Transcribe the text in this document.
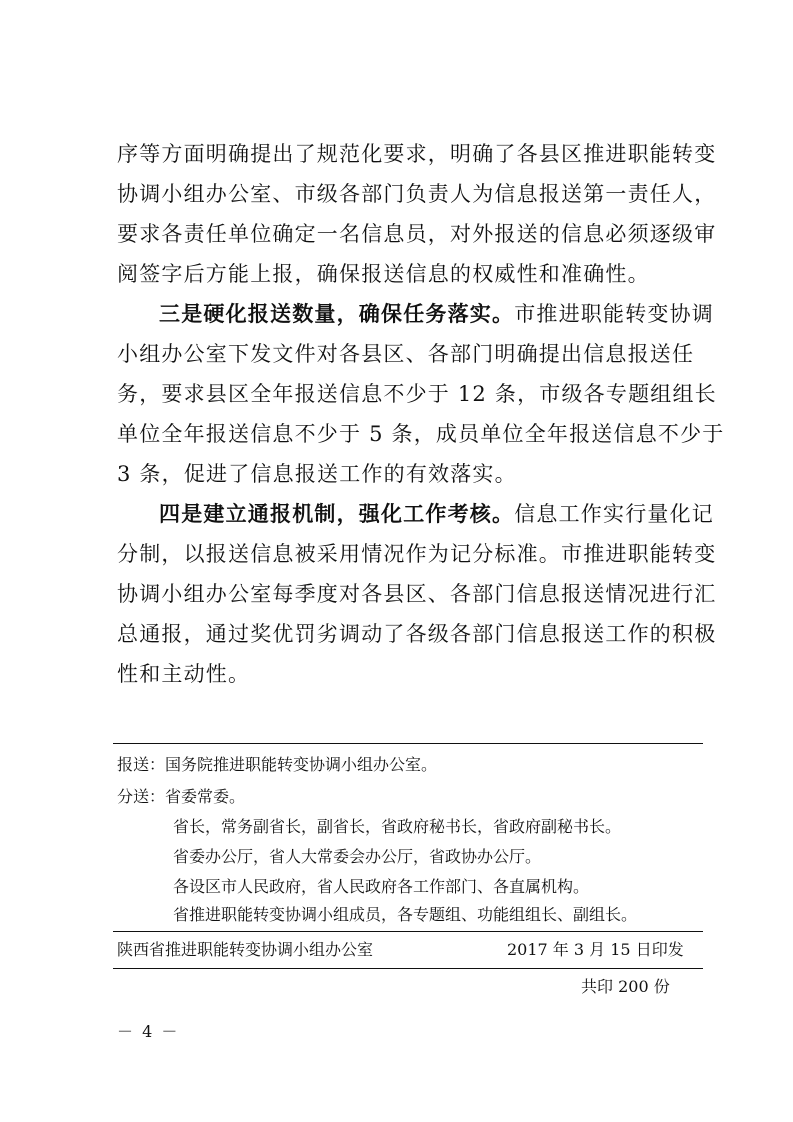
序等方面明确提出了规范化要求，明确了各县区推进职能转变
协调小组办公室、市级各部门负责人为信息报送第一责任人，
要求各责任单位确定一名信息员，对外报送的信息必须逐级审
阅签字后方能上报，确保报送信息的权威性和准确性。
三是硬化报送数量，确保任务落实。市推进职能转变协调
小组办公室下发文件对各县区、各部门明确提出信息报送任
务，要求县区全年报送信息不少于 12 条，市级各专题组组长
单位全年报送信息不少于 5 条，成员单位全年报送信息不少于
3 条，促进了信息报送工作的有效落实。
四是建立通报机制，强化工作考核。信息工作实行量化记
分制，以报送信息被采用情况作为记分标准。市推进职能转变
协调小组办公室每季度对各县区、各部门信息报送情况进行汇
总通报，通过奖优罚劣调动了各级各部门信息报送工作的积极
性和主动性。
报送：国务院推进职能转变协调小组办公室。
分送：省委常委。
省长，常务副省长，副省长，省政府秘书长，省政府副秘书长。
省委办公厅，省人大常委会办公厅，省政协办公厅。
各设区市人民政府，省人民政府各工作部门、各直属机构。
省推进职能转变协调小组成员，各专题组、功能组组长、副组长。
陕西省推进职能转变协调小组办公室	2017 年 3 月 15 日印发
共印 200 份
－ 4 －
